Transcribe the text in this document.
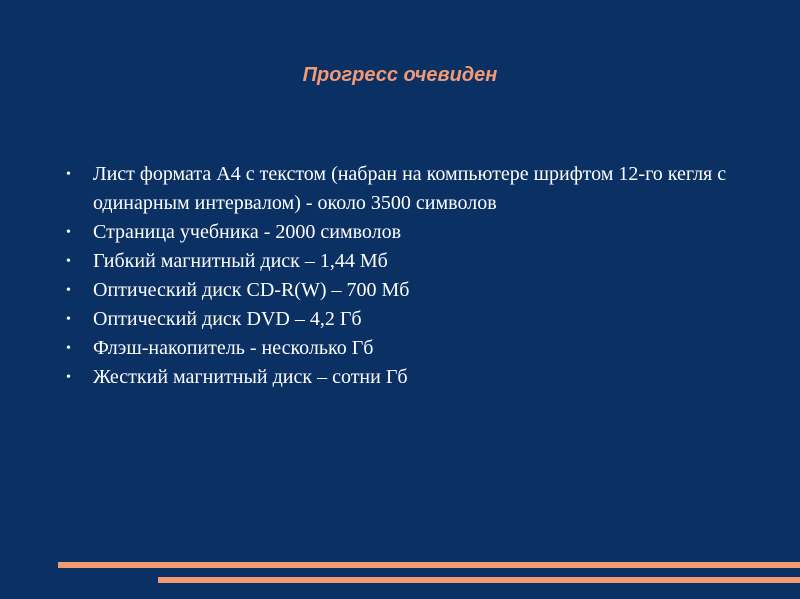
Прогресс очевиден
• Лист формата А4 с текстом (набран на компьютере шрифтом 12-го кегля с одинарным интервалом) - около 3500 символов
• Страница учебника - 2000 символов
• Гибкий магнитный диск – 1,44 Мб
• Оптический диск CD-R(W) – 700 Мб
• Оптический диск DVD – 4,2 Гб
• Флэш-накопитель - несколько Гб
• Жесткий магнитный диск – сотни Гб
